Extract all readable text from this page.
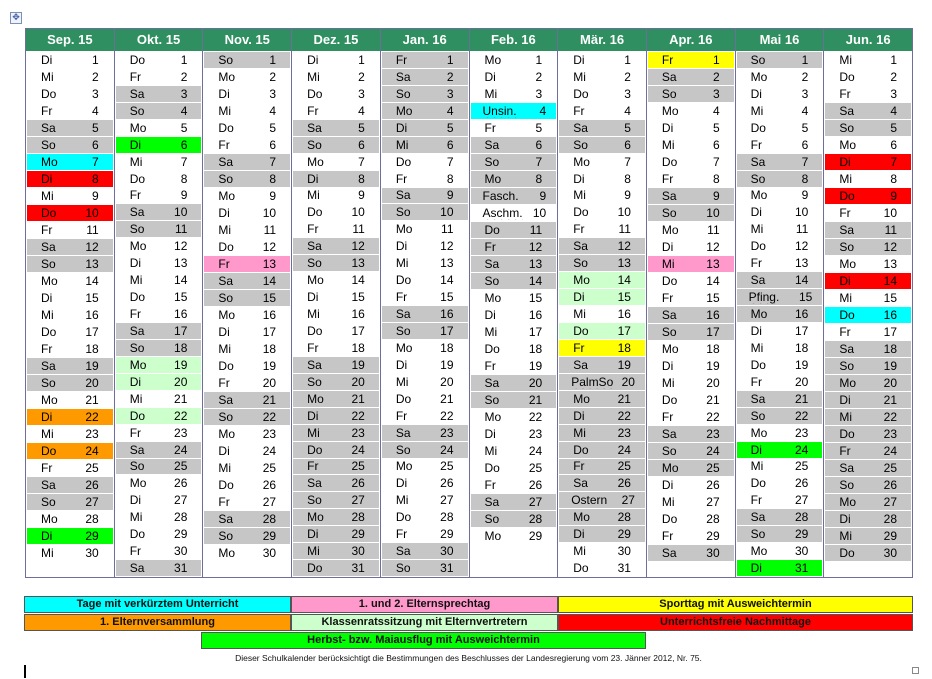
✥
Sep. 15
Di	1
Mi	2
Do	3
Fr	4
Sa	5
So	6
Mo	7
Di	8
Mi	9
Do	10
Fr	11
Sa	12
So	13
Mo	14
Di	15
Mi	16
Do	17
Fr	18
Sa	19
So	20
Mo	21
Di	22
Mi	23
Do	24
Fr	25
Sa	26
So	27
Mo	28
Di	29
Mi	30
Okt. 15
Do	1
Fr	2
Sa	3
So	4
Mo	5
Di	6
Mi	7
Do	8
Fr	9
Sa	10
So	11
Mo	12
Di	13
Mi	14
Do	15
Fr	16
Sa	17
So	18
Mo	19
Di	20
Mi	21
Do	22
Fr	23
Sa	24
So	25
Mo	26
Di	27
Mi	28
Do	29
Fr	30
Sa	31
Nov. 15
So	1
Mo	2
Di	3
Mi	4
Do	5
Fr	6
Sa	7
So	8
Mo	9
Di	10
Mi	11
Do	12
Fr	13
Sa	14
So	15
Mo	16
Di	17
Mi	18
Do	19
Fr	20
Sa	21
So	22
Mo	23
Di	24
Mi	25
Do	26
Fr	27
Sa	28
So	29
Mo	30
Dez. 15
Di	1
Mi	2
Do	3
Fr	4
Sa	5
So	6
Mo	7
Di	8
Mi	9
Do	10
Fr	11
Sa	12
So	13
Mo	14
Di	15
Mi	16
Do	17
Fr	18
Sa	19
So	20
Mo	21
Di	22
Mi	23
Do	24
Fr	25
Sa	26
So	27
Mo	28
Di	29
Mi	30
Do	31
Jan. 16
Fr	1
Sa	2
So	3
Mo	4
Di	5
Mi	6
Do	7
Fr	8
Sa	9
So	10
Mo	11
Di	12
Mi	13
Do	14
Fr	15
Sa	16
So	17
Mo	18
Di	19
Mi	20
Do	21
Fr	22
Sa	23
So	24
Mo	25
Di	26
Mi	27
Do	28
Fr	29
Sa	30
So	31
Feb. 16
Mo	1
Di	2
Mi	3
Unsin.	4
Fr	5
Sa	6
So	7
Mo	8
Fasch.	9
Aschm. 10
Do	11
Fr	12
Sa	13
So	14
Mo	15
Di	16
Mi	17
Do	18
Fr	19
Sa	20
So	21
Mo	22
Di	23
Mi	24
Do	25
Fr	26
Sa	27
So	28
Mo	29
Mär. 16
Di	1
Mi	2
Do	3
Fr	4
Sa	5
So	6
Mo	7
Di	8
Mi	9
Do	10
Fr	11
Sa	12
So	13
Mo	14
Di	15
Mi	16
Do	17
Fr	18
Sa	19
PalmSo 20
Mo	21
Di	22
Mi	23
Do	24
Fr	25
Sa	26
Ostern	27
Mo	28
Di	29
Mi	30
Do	31
Apr. 16
Fr	1
Sa	2
So	3
Mo	4
Di	5
Mi	6
Do	7
Fr	8
Sa	9
So	10
Mo	11
Di	12
Mi	13
Do	14
Fr	15
Sa	16
So	17
Mo	18
Di	19
Mi	20
Do	21
Fr	22
Sa	23
So	24
Mo	25
Di	26
Mi	27
Do	28
Fr	29
Sa	30
Mai 16
So	1
Mo	2
Di	3
Mi	4
Do	5
Fr	6
Sa	7
So	8
Mo	9
Di	10
Mi	11
Do	12
Fr	13
Sa	14
Pfing.	15
Mo	16
Di	17
Mi	18
Do	19
Fr	20
Sa	21
So	22
Mo	23
Di	24
Mi	25
Do	26
Fr	27
Sa	28
So	29
Mo	30
Di	31
Jun. 16
Mi	1
Do	2
Fr	3
Sa	4
So	5
Mo	6
Di	7
Mi	8
Do	9
Fr	10
Sa	11
So	12
Mo	13
Di	14
Mi	15
Do	16
Fr	17
Sa	18
So	19
Mo	20
Di	21
Mi	22
Do	23
Fr	24
Sa	25
So	26
Mo	27
Di	28
Mi	29
Do	30
Tage mit verkürztem Unterricht	1. und 2. Elternsprechtag	Sporttag mit Ausweichtermin
1. Elternversammlung	Klassenratssitzung mit Elternvertretern	Unterrichtsfreie Nachmittage
Herbst- bzw. Maiausflug mit Ausweichtermin
Dieser Schulkalender berücksichtigt die Bestimmungen des Beschlusses der Landesregierung vom 23. Jänner 2012, Nr. 75.
